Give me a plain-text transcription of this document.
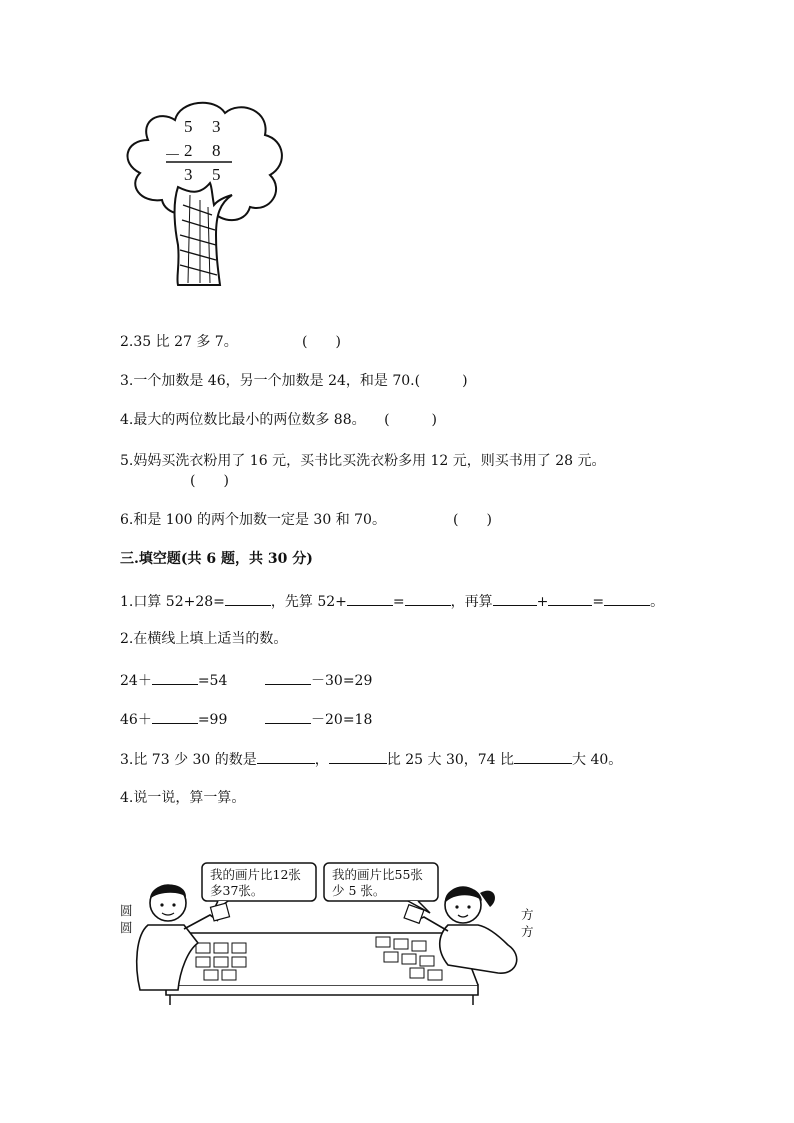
5 3
－ 2 8
3 5
2.35 比 27 多 7。	(　　)
3.一个加数是 46，另一个加数是 24，和是 70.(　　　)
4.最大的两位数比最小的两位数多 88。 (　　　)
5.妈妈买洗衣粉用了 16 元，买书比买洗衣粉多用 12 元，则买书用了 28 元。
(　　)
6.和是 100 的两个加数一定是 30 和 70。	(　　)
三.填空题(共 6 题，共 30 分)
1.口算 52+28=	，先算 52+	=	，再算	+	=	。
2.在横线上填上适当的数。
24＋	=54	－30=29
46＋	=99	－20=18
3.比 73 少 30 的数是	，	比 25 大 30，74 比	大 40。
4.说一说，算一算。
我的画片比12张
多37张。
我的画片比55张
少 5 张。
圆
圆
方
方
